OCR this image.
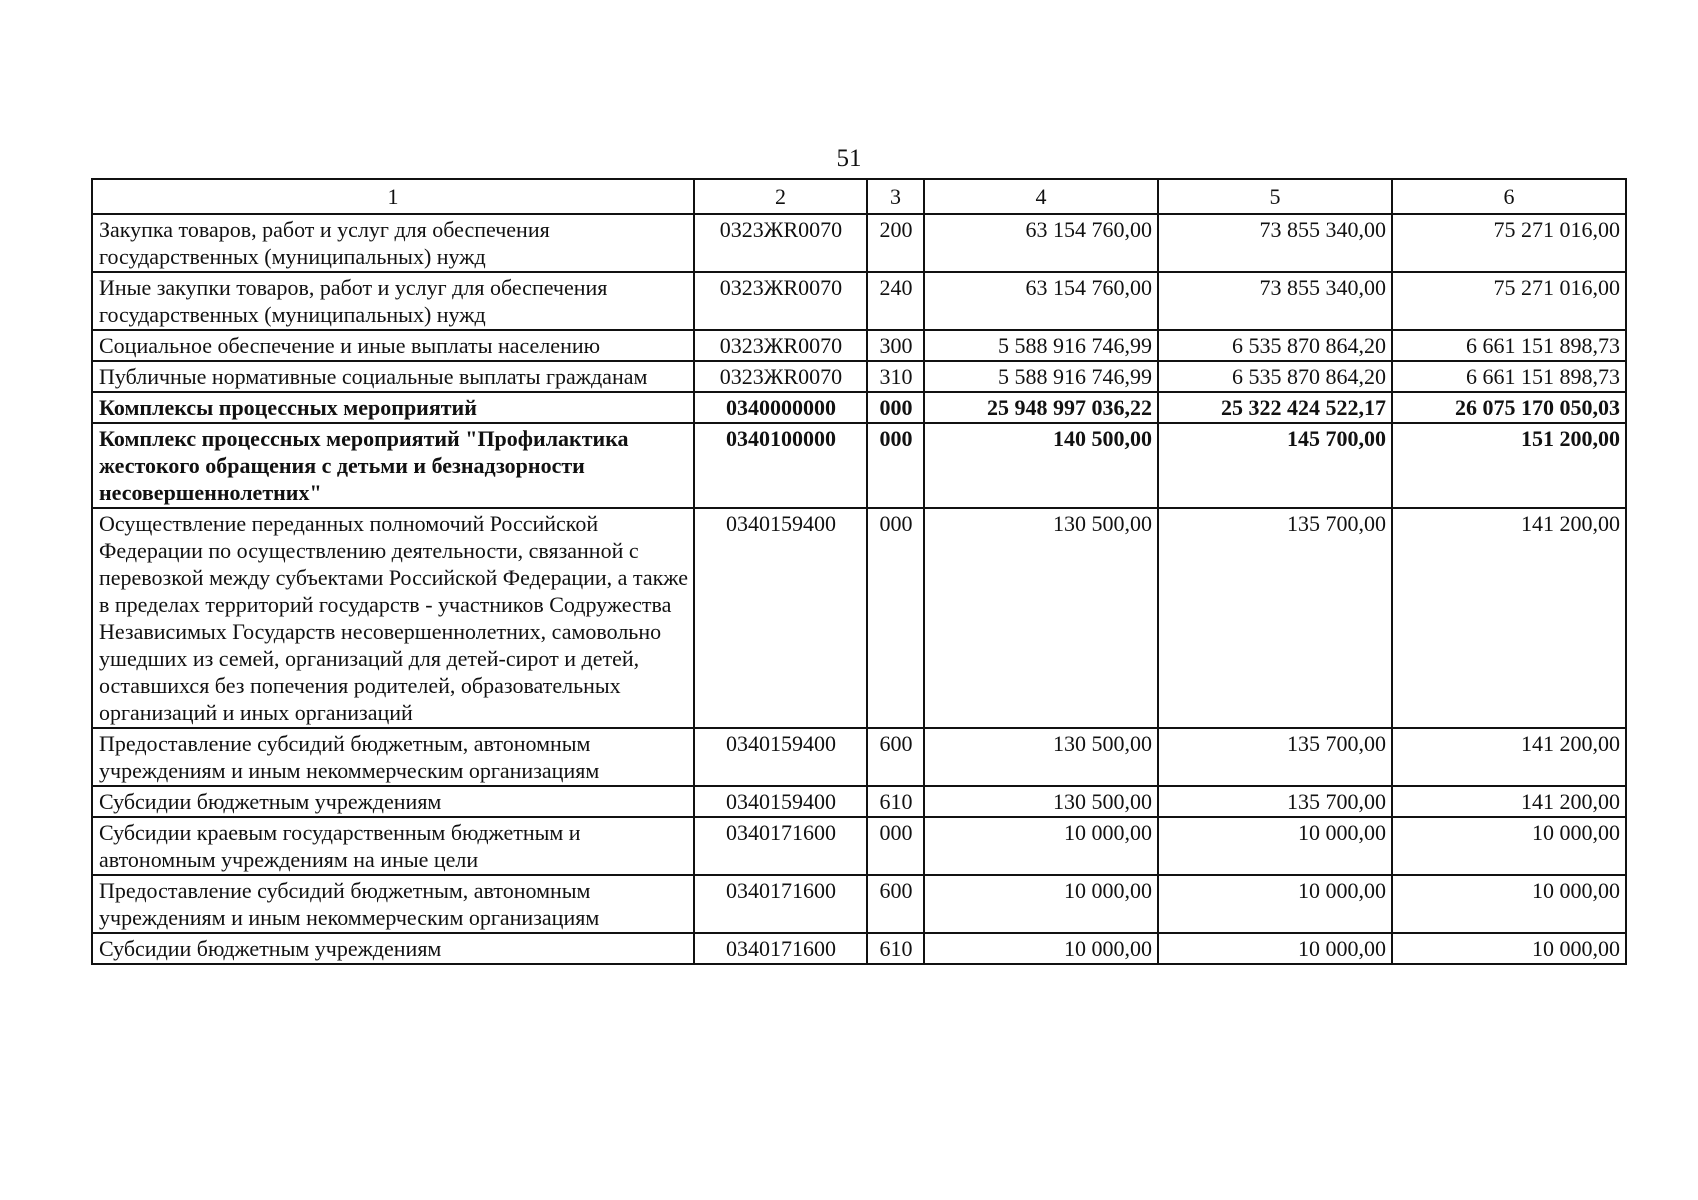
51
1	2	3	4	5	6
Закупка товаров, работ и услуг для обеспечения государственных (муниципальных) нужд	0323ЖR0070	200	63 154 760,00	73 855 340,00	75 271 016,00
Иные закупки товаров, работ и услуг для обеспечения государственных (муниципальных) нужд	0323ЖR0070	240	63 154 760,00	73 855 340,00	75 271 016,00
Социальное обеспечение и иные выплаты населению	0323ЖR0070	300	5 588 916 746,99	6 535 870 864,20	6 661 151 898,73
Публичные нормативные социальные выплаты гражданам	0323ЖR0070	310	5 588 916 746,99	6 535 870 864,20	6 661 151 898,73
Комплексы процессных мероприятий	0340000000	000	25 948 997 036,22	25 322 424 522,17	26 075 170 050,03
Комплекс процессных мероприятий "Профилактика жестокого обращения с детьми и безнадзорности несовершеннолетних"	0340100000	000	140 500,00	145 700,00	151 200,00
Осуществление переданных полномочий Российской Федерации по осуществлению деятельности, связанной с перевозкой между субъектами Российской Федерации, а также в пределах территорий государств - участников Содружества Независимых Государств несовершеннолетних, самовольно ушедших из семей, организаций для детей-сирот и детей, оставшихся без попечения родителей, образовательных организаций и иных организаций	0340159400	000	130 500,00	135 700,00	141 200,00
Предоставление субсидий бюджетным, автономным учреждениям и иным некоммерческим организациям	0340159400	600	130 500,00	135 700,00	141 200,00
Субсидии бюджетным учреждениям	0340159400	610	130 500,00	135 700,00	141 200,00
Субсидии краевым государственным бюджетным и автономным учреждениям на иные цели	0340171600	000	10 000,00	10 000,00	10 000,00
Предоставление субсидий бюджетным, автономным учреждениям и иным некоммерческим организациям	0340171600	600	10 000,00	10 000,00	10 000,00
Субсидии бюджетным учреждениям	0340171600	610	10 000,00	10 000,00	10 000,00
